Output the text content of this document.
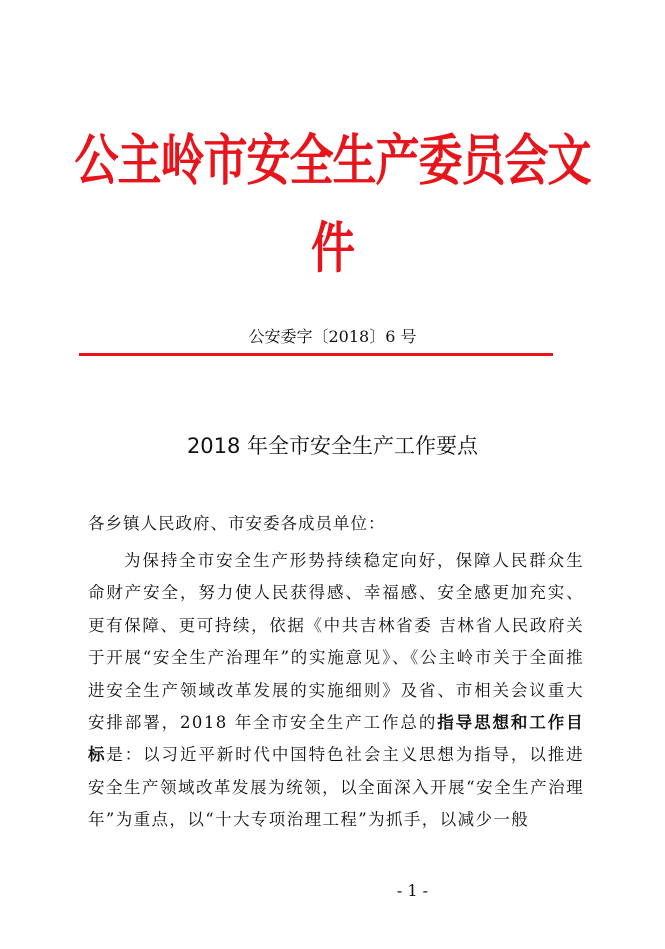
公主岭市安全生产委员会文件
公安委字〔2018〕6 号
2018 年全市安全生产工作要点
各乡镇人民政府、市安委各成员单位：

为保持全市安全生产形势持续稳定向好，保障人民群众生命财产安全，努力使人民获得感、幸福感、安全感更加充实、更有保障、更可持续，依据《中共吉林省委 吉林省人民政府关于开展“安全生产治理年”的实施意见》、《公主岭市关于全面推进安全生产领域改革发展的实施细则》及省、市相关会议重大安排部署，2018 年全市安全生产工作总的指导思想和工作目标是：以习近平新时代中国特色社会主义思想为指导，以推进安全生产领域改革发展为统领，以全面深入开展“安全生产治理年”为重点，以“十大专项治理工程”为抓手，以减少一般

- 1 -
